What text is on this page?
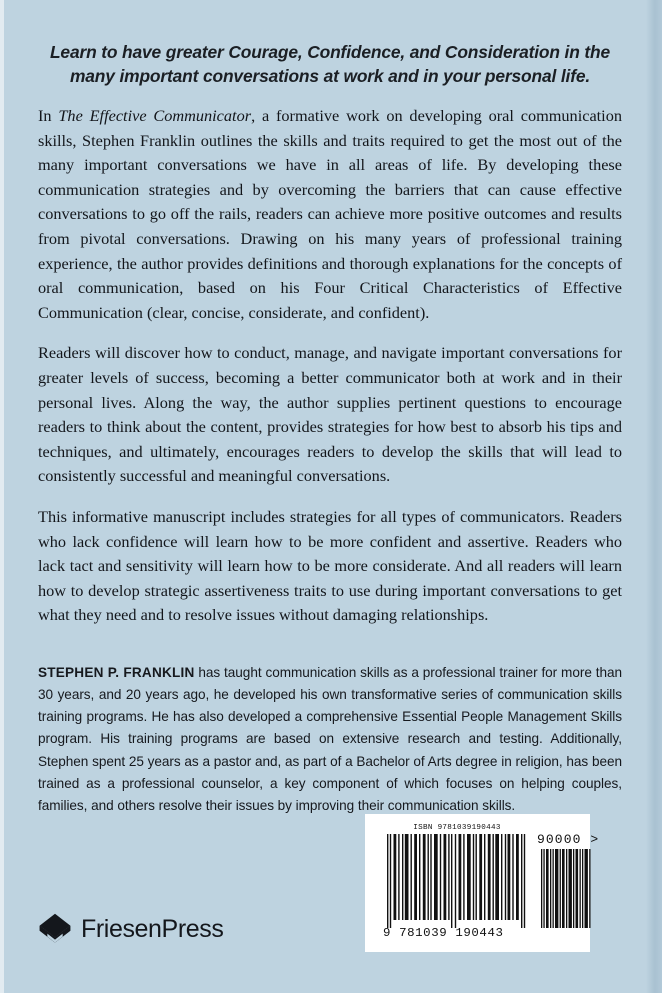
Learn to have greater Courage, Confidence, and Consideration in the many important conversations at work and in your personal life.

In The Effective Communicator, a formative work on developing oral communication skills, Stephen Franklin outlines the skills and traits required to get the most out of the many important conversations we have in all areas of life. By developing these communication strategies and by overcoming the barriers that can cause effective conversations to go off the rails, readers can achieve more positive outcomes and results from pivotal conversations. Drawing on his many years of professional training experience, the author provides definitions and thorough explanations for the concepts of oral communication, based on his Four Critical Characteristics of Effective Communication (clear, concise, considerate, and confident).

Readers will discover how to conduct, manage, and navigate important conversations for greater levels of success, becoming a better communicator both at work and in their personal lives. Along the way, the author supplies pertinent questions to encourage readers to think about the content, provides strategies for how best to absorb his tips and techniques, and ultimately, encourages readers to develop the skills that will lead to consistently successful and meaningful conversations.

This informative manuscript includes strategies for all types of communicators. Readers who lack confidence will learn how to be more confident and assertive. Readers who lack tact and sensitivity will learn how to be more considerate. And all readers will learn how to develop strategic assertiveness traits to use during important conversations to get what they need and to resolve issues without damaging relationships.

STEPHEN P. FRANKLIN has taught communication skills as a professional trainer for more than 30 years, and 20 years ago, he developed his own transformative series of communication skills training programs. He has also developed a comprehensive Essential People Management Skills program. His training programs are based on extensive research and testing. Additionally, Stephen spent 25 years as a pastor and, as part of a Bachelor of Arts degree in religion, has been trained as a professional counselor, a key component of which focuses on helping couples, families, and others resolve their issues by improving their communication skills.

ISBN 9781039190443
90000 >
9 781039 190443
FriesenPress
